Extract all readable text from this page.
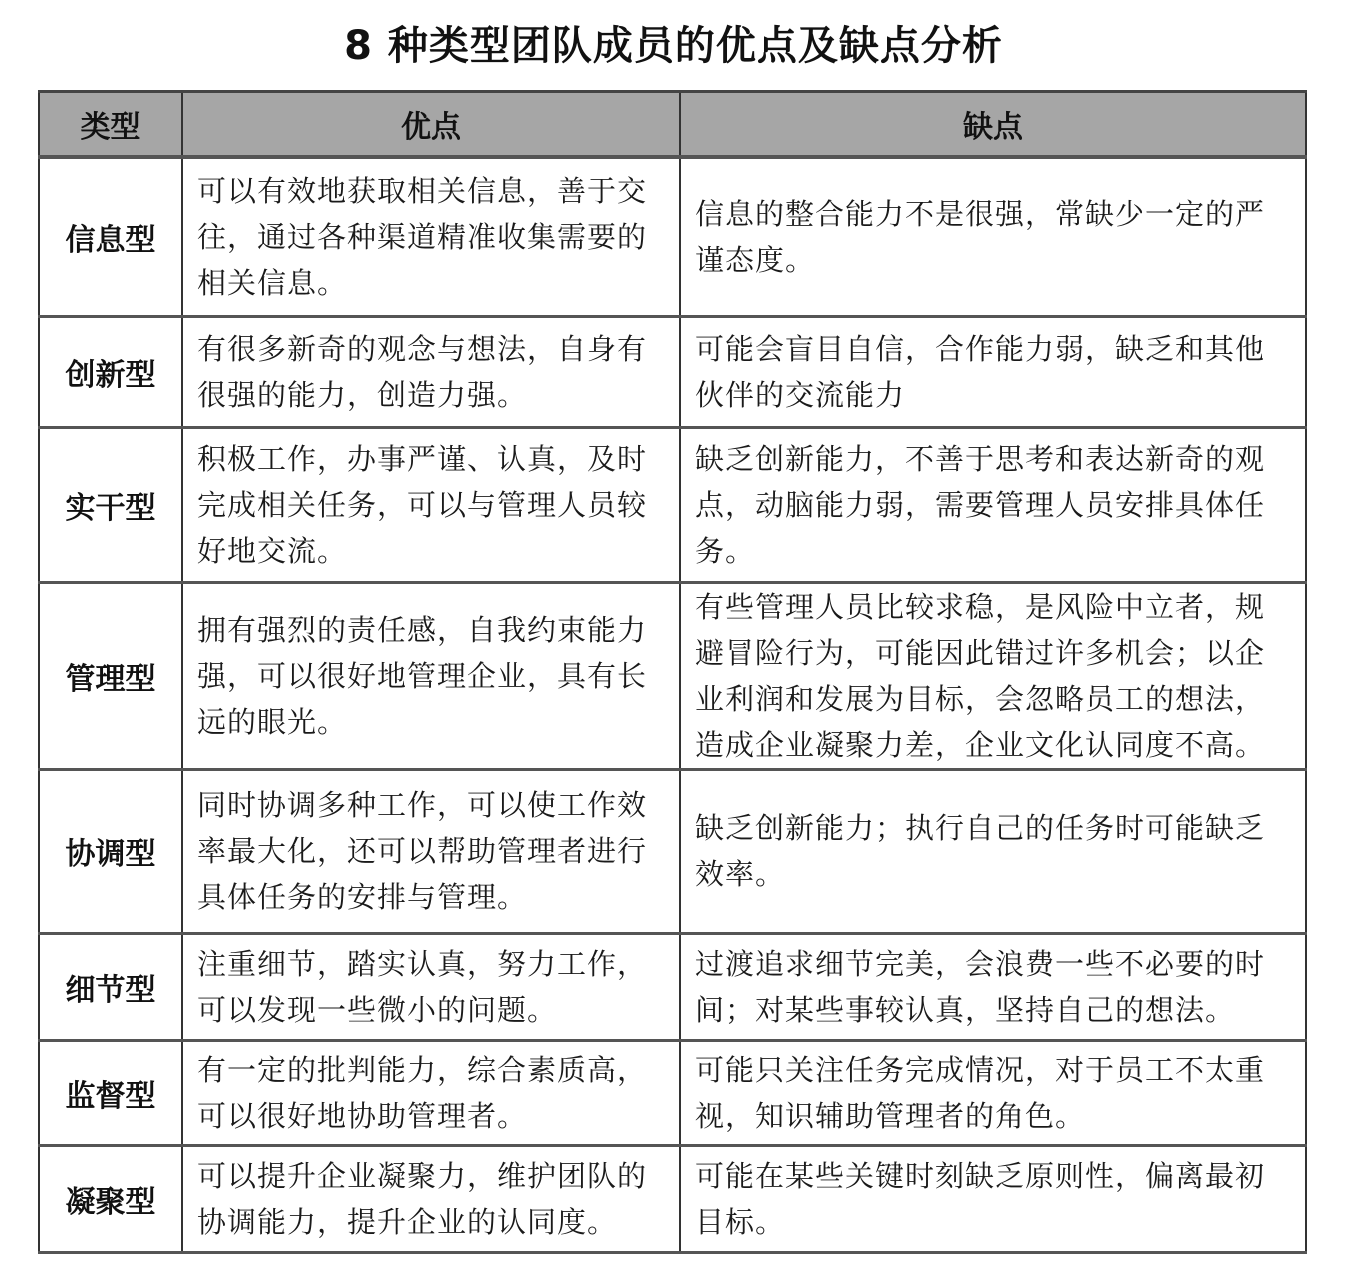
8 种类型团队成员的优点及缺点分析
类型	优点	缺点
信息型	可以有效地获取相关信息，善于交往，通过各种渠道精准收集需要的相关信息。	信息的整合能力不是很强，常缺少一定的严谨态度。
创新型	有很多新奇的观念与想法，自身有很强的能力，创造力强。	可能会盲目自信，合作能力弱，缺乏和其他伙伴的交流能力
实干型	积极工作，办事严谨、认真，及时完成相关任务，可以与管理人员较好地交流。	缺乏创新能力，不善于思考和表达新奇的观点，动脑能力弱，需要管理人员安排具体任务。
管理型	拥有强烈的责任感，自我约束能力强，可以很好地管理企业，具有长远的眼光。	有些管理人员比较求稳，是风险中立者，规避冒险行为，可能因此错过许多机会；以企业利润和发展为目标，会忽略员工的想法，造成企业凝聚力差，企业文化认同度不高。
协调型	同时协调多种工作，可以使工作效率最大化，还可以帮助管理者进行具体任务的安排与管理。	缺乏创新能力；执行自己的任务时可能缺乏效率。
细节型	注重细节，踏实认真，努力工作，可以发现一些微小的问题。	过渡追求细节完美，会浪费一些不必要的时间；对某些事较认真，坚持自己的想法。
监督型	有一定的批判能力，综合素质高，可以很好地协助管理者。	可能只关注任务完成情况，对于员工不太重视，知识辅助管理者的角色。
凝聚型	可以提升企业凝聚力，维护团队的协调能力，提升企业的认同度。	可能在某些关键时刻缺乏原则性，偏离最初目标。
